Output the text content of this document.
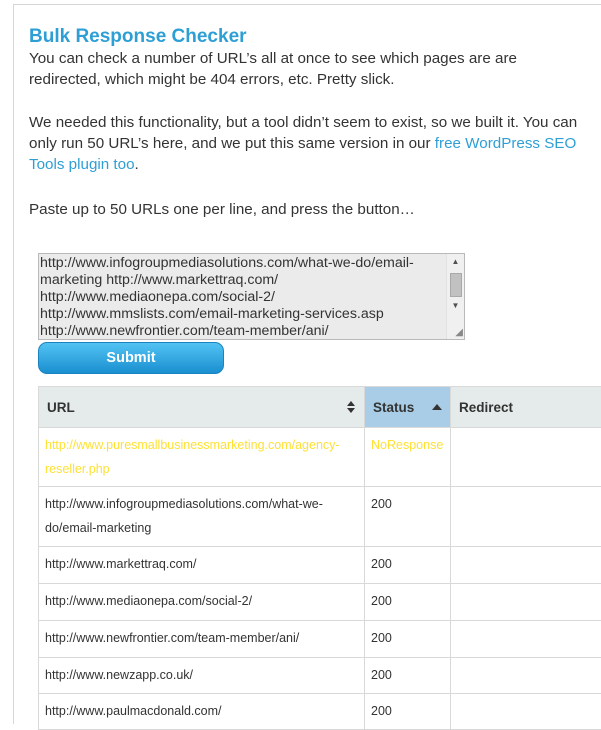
Bulk Response Checker

You can check a number of URL’s all at once to see which pages are are redirected, which might be 404 errors, etc. Pretty slick.

We needed this functionality, but a tool didn’t seem to exist, so we built it. You can only run 50 URL’s here, and we put this same version in our free WordPress SEO Tools plugin too.

Paste up to 50 URLs one per line, and press the button…

http://www.infogroupmediasolutions.com/what-we-do/email-marketing http://www.markettraq.com/ http://www.mediaonepa.com/social-2/ http://www.mmslists.com/email-marketing-services.asp http://www.newfrontier.com/team-member/ani/
▲
▼
◢
Submit
URL	Status	Redirect
http://www.puresmallbusinessmarketing.com/agency-reseller.php	NoResponse	
http://www.infogroupmediasolutions.com/what-we-do/email-marketing	200	
http://www.markettraq.com/	200	
http://www.mediaonepa.com/social-2/	200	
http://www.newfrontier.com/team-member/ani/	200	
http://www.newzapp.co.uk/	200	
http://www.paulmacdonald.com/	200	
